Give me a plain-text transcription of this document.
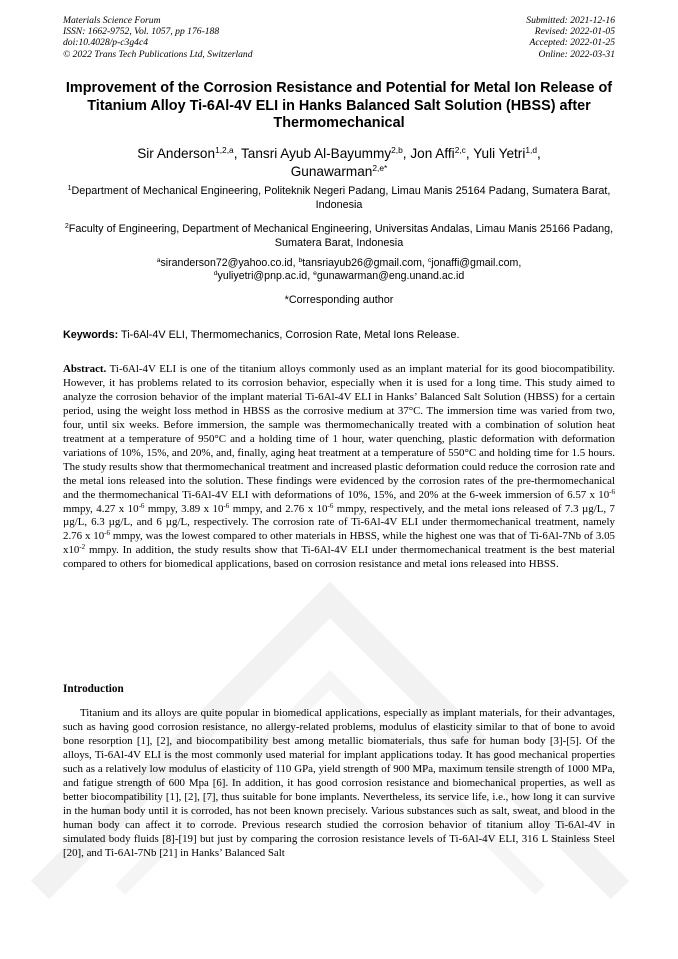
Materials Science Forum
ISSN: 1662-9752, Vol. 1057, pp 176-188
doi:10.4028/p-c3g4c4
© 2022 Trans Tech Publications Ltd, Switzerland
Submitted: 2021-12-16
Revised: 2022-01-05
Accepted: 2022-01-25
Online: 2022-03-31
Improvement of the Corrosion Resistance and Potential for Metal Ion Release of Titanium Alloy Ti-6Al-4V ELI in Hanks Balanced Salt Solution (HBSS) after Thermomechanical
Sir Anderson$^{1,2,a}$, Tansri Ayub Al-Bayummy$^{2,b}$, Jon Affi$^{2,c}$, Yuli Yetri$^{1,d}$,
Gunawarman$^{2,e*}$
$^1$Department of Mechanical Engineering, Politeknik Negeri Padang, Limau Manis 25164 Padang, Sumatera Barat, Indonesia
$^2$Faculty of Engineering, Department of Mechanical Engineering, Universitas Andalas, Limau Manis 25166 Padang, Sumatera Barat, Indonesia
$^a$siranderson72@yahoo.co.id, $^b$tansriayub26@gmail.com, $^c$jonaffi@gmail.com,
$^d$yuliyetri@pnp.ac.id, $^e$gunawarman@eng.unand.ac.id
*Corresponding author
Keywords: Ti-6Al-4V ELI, Thermomechanics, Corrosion Rate, Metal Ions Release.
Abstract. Ti-6Al-4V ELI is one of the titanium alloys commonly used as an implant material for its good biocompatibility. However, it has problems related to its corrosion behavior, especially when it is used for a long time. This study aimed to analyze the corrosion behavior of the implant material Ti-6Al-4V ELI in Hanks’ Balanced Salt Solution (HBSS) for a certain period, using the weight loss method in HBSS as the corrosive medium at 37°C. The immersion time was varied from two, four, until six weeks. Before immersion, the sample was thermomechanically treated with a combination of solution heat treatment at a temperature of 950°C and a holding time of 1 hour, water quenching, plastic deformation with deformation variations of 10%, 15%, and 20%, and, finally, aging heat treatment at a temperature of 550°C and holding time for 1.5 hours. The study results show that thermomechanical treatment and increased plastic deformation could reduce the corrosion rate and the metal ions released into the solution. These findings were evidenced by the corrosion rates of the pre-thermomechanical and the thermomechanical Ti-6Al-4V ELI with deformations of 10%, 15%, and 20% at the 6-week immersion of 6.57 x $10^{-6}$ mmpy, 4.27 x $10^{-6}$ mmpy, 3.89 x $10^{-6}$ mmpy, and 2.76 x $10^{-6}$ mmpy, respectively, and the metal ions released of 7.3 µg/L, 7 µg/L, 6.3 µg/L, and 6 µg/L, respectively. The corrosion rate of Ti-6Al-4V ELI under thermomechanical treatment, namely 2.76 x $10^{-6}$ mmpy, was the lowest compared to other materials in HBSS, while the highest one was that of Ti-6Al-7Nb of 3.05 $x10^{-2}$ mmpy. In addition, the study results show that Ti-6Al-4V ELI under thermomechanical treatment is the best material compared to others for biomedical applications, based on corrosion resistance and metal ions released into HBSS.
Introduction
Titanium and its alloys are quite popular in biomedical applications, especially as implant materials, for their advantages, such as having good corrosion resistance, no allergy-related problems, modulus of elasticity similar to that of bone to avoid bone resorption [1], [2], and biocompatibility best among metallic biomaterials, thus safe for human body [3]-[5]. Of the alloys, Ti-6Al-4V ELI is the most commonly used material for implant applications today. It has good mechanical properties such as a relatively low modulus of elasticity of 110 GPa, yield strength of 900 MPa, maximum tensile strength of 1000 MPa, and fatigue strength of 600 Mpa [6]. In addition, it has good corrosion resistance and biomechanical properties, as well as better biocompatibility [1], [2], [7], thus suitable for bone implants. Nevertheless, its service life, i.e., how long it can survive in the human body until it is corroded, has not been known precisely. Various substances such as salt, sweat, and blood in the human body can affect it to corrode. Previous research studied the corrosion behavior of titanium alloy Ti-6Al-4V in simulated body fluids [8]-[19] but just by comparing the corrosion resistance levels of Ti-6Al-4V ELI, 316 L Stainless Steel [20], and Ti-6Al-7Nb [21] in Hanks’ Balanced Salt
